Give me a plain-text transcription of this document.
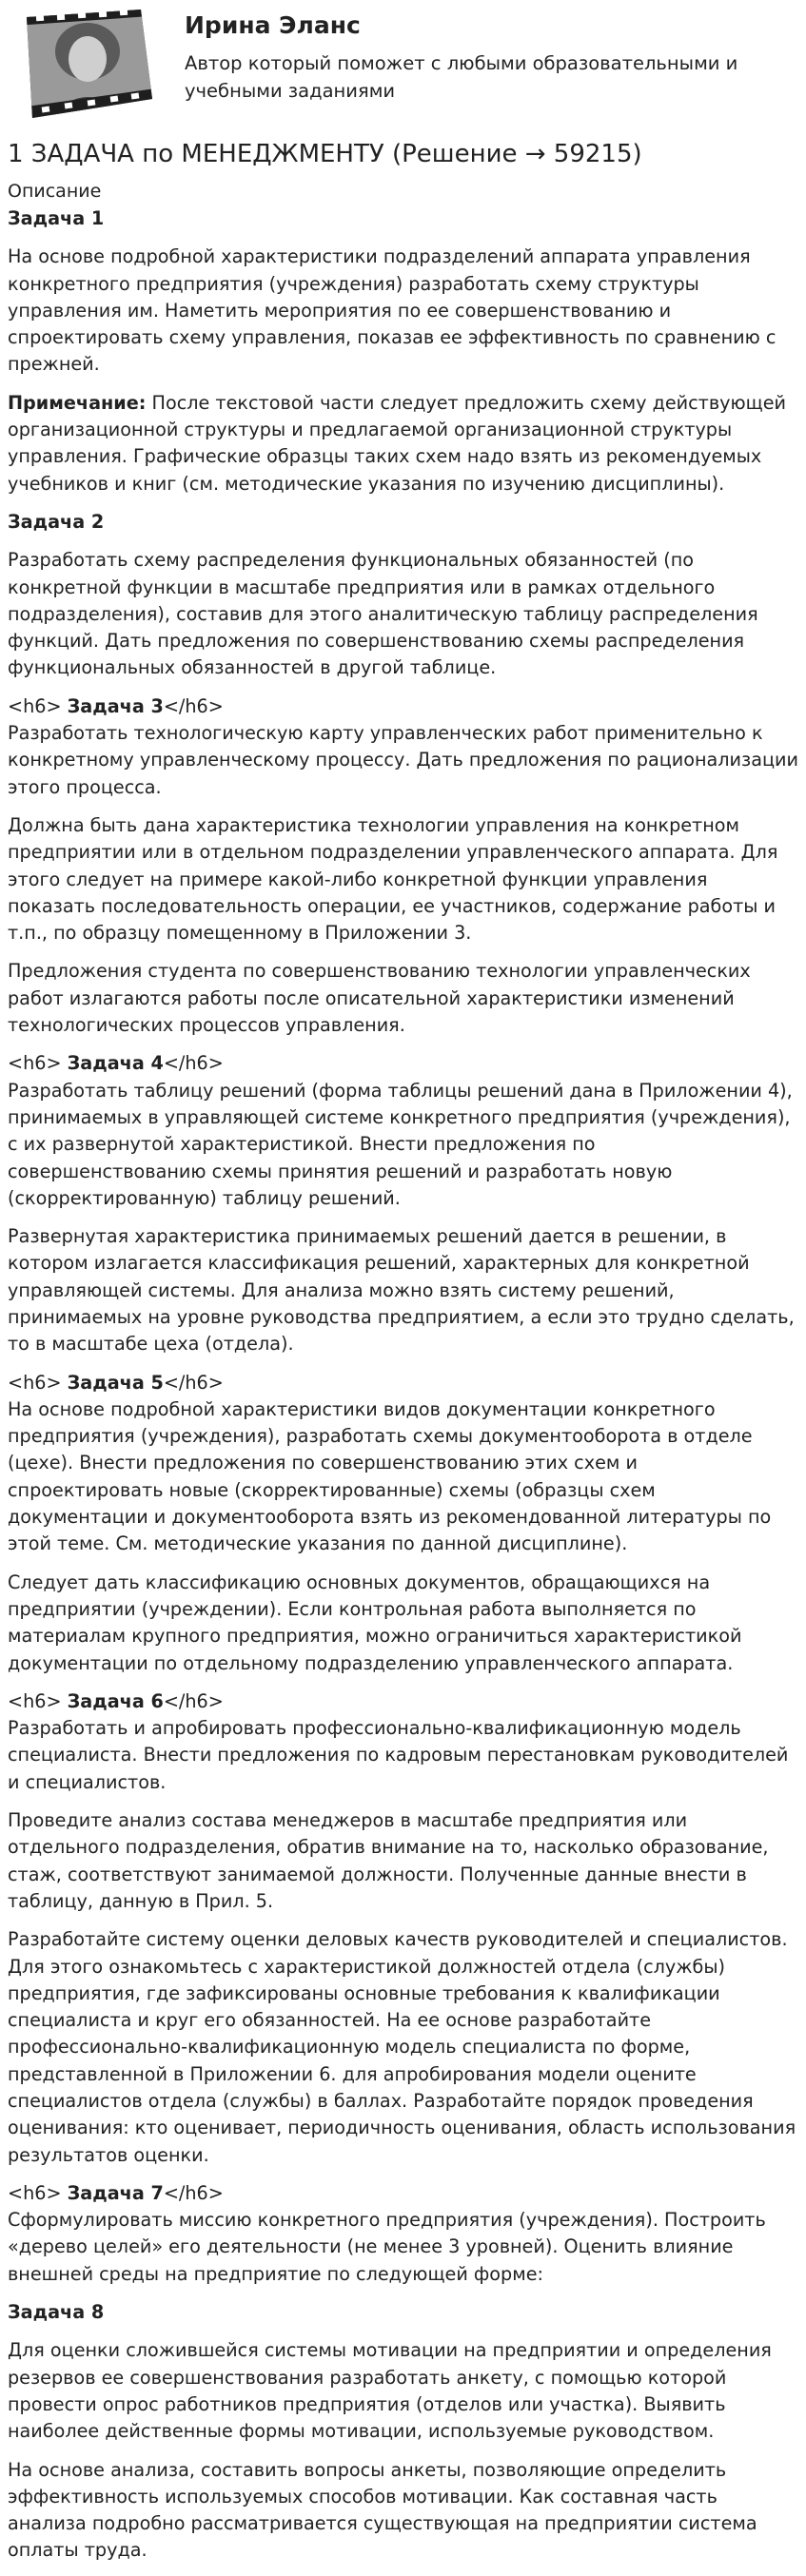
Ирина Эланс
Автор который поможет с любыми образовательными и учебными заданиями
1 ЗАДАЧА по МЕНЕДЖМЕНТУ (Решение → 59215)
Описание
Задача 1

На основе подробной характеристики подразделений аппарата управления конкретного предприятия (учреждения) разработать схему структуры управления им. Наметить мероприятия по ее совершенствованию и спроектировать схему управления, показав ее эффективность по сравнению с прежней.

Примечание: После текстовой части следует предложить схему действующей организационной структуры и предлагаемой организационной структуры управления. Графические образцы таких схем надо взять из рекомендуемых учебников и книг (см. методические указания по изучению дисциплины).

Задача 2

Разработать схему распределения функциональных обязанностей (по конкретной функции в масштабе предприятия или в рамках отдельного подразделения), составив для этого аналитическую таблицу распределения функций. Дать предложения по совершенствованию схемы распределения функциональных обязанностей в другой таблице.

<h6> Задача 3</h6>

Разработать технологическую карту управленческих работ применительно к конкретному управленческому процессу. Дать предложения по рационализации этого процесса.

Должна быть дана характеристика технологии управления на конкретном предприятии или в отдельном подразделении управленческого аппарата. Для этого следует на примере какой-либо конкретной функции управления показать последовательность операции, ее участников, содержание работы и т.п., по образцу помещенному в Приложении 3.

Предложения студента по совершенствованию технологии управленческих работ излагаются работы после описательной характеристики изменений технологических процессов управления.

<h6> Задача 4</h6>

Разработать таблицу решений (форма таблицы решений дана в Приложении 4), принимаемых в управляющей системе конкретного предприятия (учреждения), с их развернутой характеристикой. Внести предложения по совершенствованию схемы принятия решений и разработать новую (скорректированную) таблицу решений.

Развернутая характеристика принимаемых решений дается в решении, в котором излагается классификация решений, характерных для конкретной управляющей системы. Для анализа можно взять систему решений, принимаемых на уровне руководства предприятием, а если это трудно сделать, то в масштабе цеха (отдела).

<h6> Задача 5</h6>

На основе подробной характеристики видов документации конкретного предприятия (учреждения), разработать схемы документооборота в отделе (цехе). Внести предложения по совершенствованию этих схем и спроектировать новые (скорректированные) схемы (образцы схем документации и документооборота взять из рекомендованной литературы по этой теме. См. методические указания по данной дисциплине).

Следует дать классификацию основных документов, обращающихся на предприятии (учреждении). Если контрольная работа выполняется по материалам крупного предприятия, можно ограничиться характеристикой документации по отдельному подразделению управленческого аппарата.

<h6> Задача 6</h6>

Разработать и апробировать профессионально-квалификационную модель специалиста. Внести предложения по кадровым перестановкам руководителей и специалистов.

Проведите анализ состава менеджеров в масштабе предприятия или отдельного подразделения, обратив внимание на то, насколько образование, стаж, соответствуют занимаемой должности. Полученные данные внести в таблицу, данную в Прил. 5.

Разработайте систему оценки деловых качеств руководителей и специалистов. Для этого ознакомьтесь с характеристикой должностей отдела (службы) предприятия, где зафиксированы основные требования к квалификации специалиста и круг его обязанностей. На ее основе разработайте профессионально-квалификационную модель специалиста по форме, представленной в Приложении 6. для апробирования модели оцените специалистов отдела (службы) в баллах. Разработайте порядок проведения оценивания: кто оценивает, периодичность оценивания, область использования результатов оценки.

<h6> Задача 7</h6>

Сформулировать миссию конкретного предприятия (учреждения). Построить «дерево целей» его деятельности (не менее 3 уровней). Оценить влияние внешней среды на предприятие по следующей форме:

Задача 8

Для оценки сложившейся системы мотивации на предприятии и определения резервов ее совершенствования разработать анкету, с помощью которой провести опрос работников предприятия (отделов или участка). Выявить наиболее действенные формы мотивации, используемые руководством.

На основе анализа, составить вопросы анкеты, позволяющие определить эффективность используемых способов мотивации. Как составная часть анализа подробно рассматривается существующая на предприятии система оплаты труда.
